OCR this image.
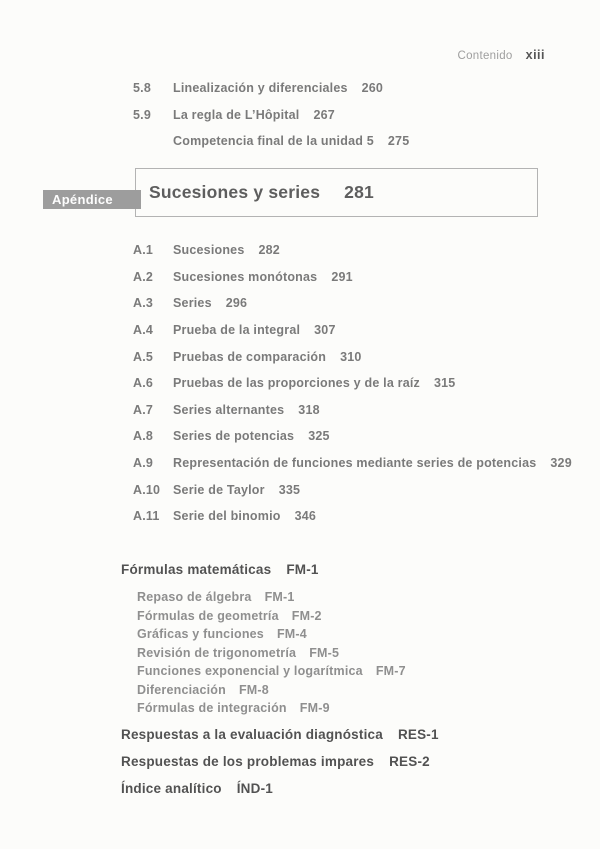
Contenido xiii
5.8	Linealización y diferenciales 260
5.9	La regla de L’Hôpital 267
Competencia final de la unidad 5 275
Sucesiones y series 281
Apéndice
A.1	Sucesiones 282
A.2	Sucesiones monótonas 291
A.3	Series 296
A.4	Prueba de la integral 307
A.5	Pruebas de comparación 310
A.6	Pruebas de las proporciones y de la raíz 315
A.7	Series alternantes 318
A.8	Series de potencias 325
A.9	Representación de funciones mediante series de potencias 329
A.10	Serie de Taylor 335
A.11	Serie del binomio 346
Fórmulas matemáticas FM-1
Repaso de álgebra FM-1
Fórmulas de geometría FM-2
Gráficas y funciones FM-4
Revisión de trigonometría FM-5
Funciones exponencial y logarítmica FM-7
Diferenciación FM-8
Fórmulas de integración FM-9
Respuestas a la evaluación diagnóstica RES-1
Respuestas de los problemas impares RES-2
Índice analítico ÍND-1
